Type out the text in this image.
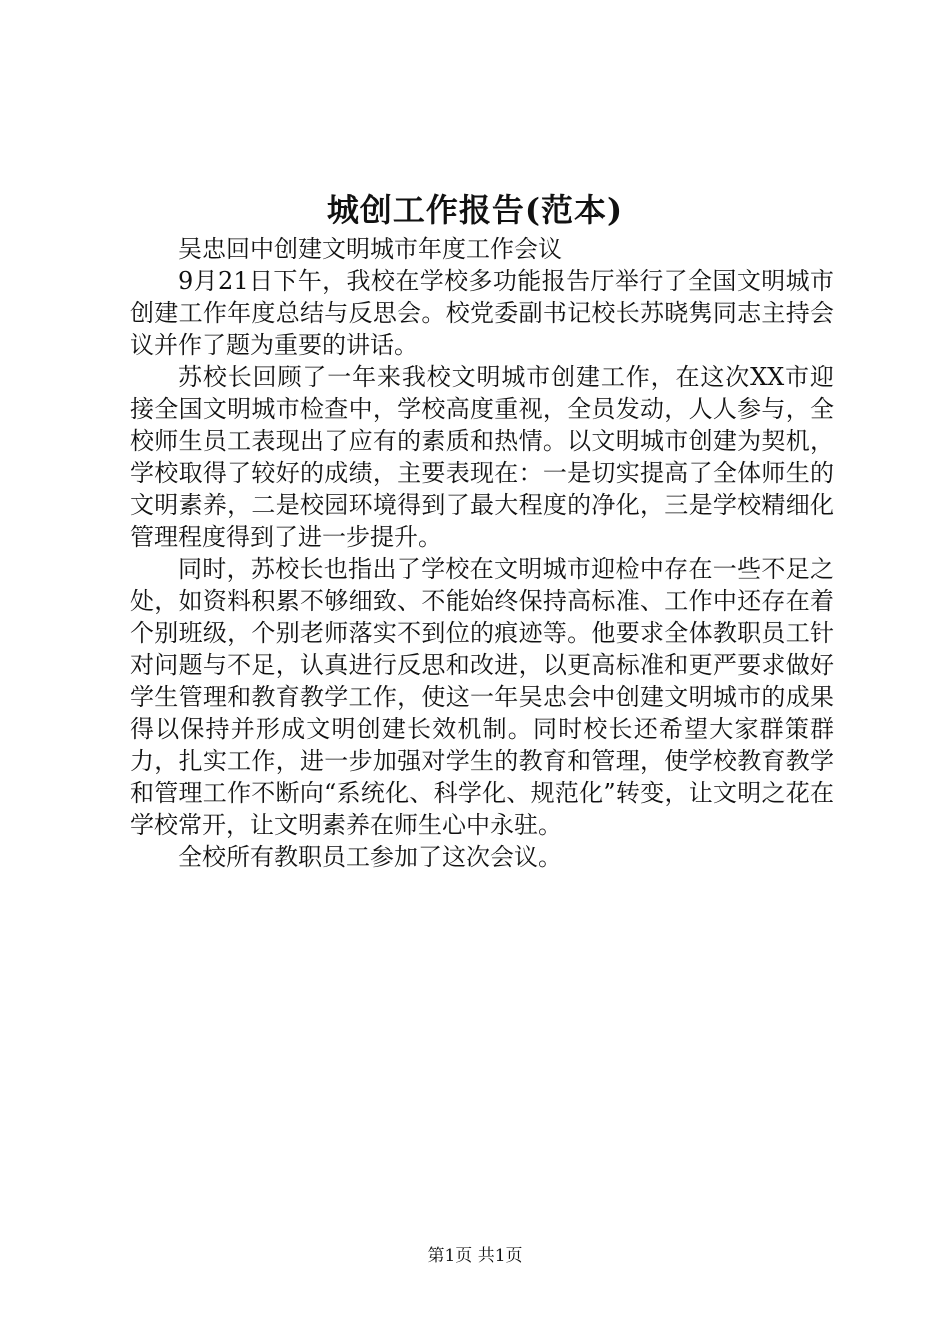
城创工作报告(范本)

吴忠回中创建文明城市年度工作会议

9月21日下午，我校在学校多功能报告厅举行了全国文明城市创建工作年度总结与反思会。校党委副书记校长苏晓隽同志主持会议并作了题为重要的讲话。

苏校长回顾了一年来我校文明城市创建工作，在这次XX市迎接全国文明城市检查中，学校高度重视，全员发动，人人参与，全校师生员工表现出了应有的素质和热情。以文明城市创建为契机，学校取得了较好的成绩，主要表现在：一是切实提高了全体师生的文明素养，二是校园环境得到了最大程度的净化，三是学校精细化管理程度得到了进一步提升。

同时，苏校长也指出了学校在文明城市迎检中存在一些不足之处，如资料积累不够细致、不能始终保持高标准、工作中还存在着个别班级，个别老师落实不到位的痕迹等。他要求全体教职员工针对问题与不足，认真进行反思和改进，以更高标准和更严要求做好学生管理和教育教学工作，使这一年吴忠会中创建文明城市的成果得以保持并形成文明创建长效机制。同时校长还希望大家群策群力，扎实工作，进一步加强对学生的教育和管理，使学校教育教学和管理工作不断向“系统化、科学化、规范化”转变，让文明之花在学校常开，让文明素养在师生心中永驻。

全校所有教职员工参加了这次会议。

第1页 共1页
